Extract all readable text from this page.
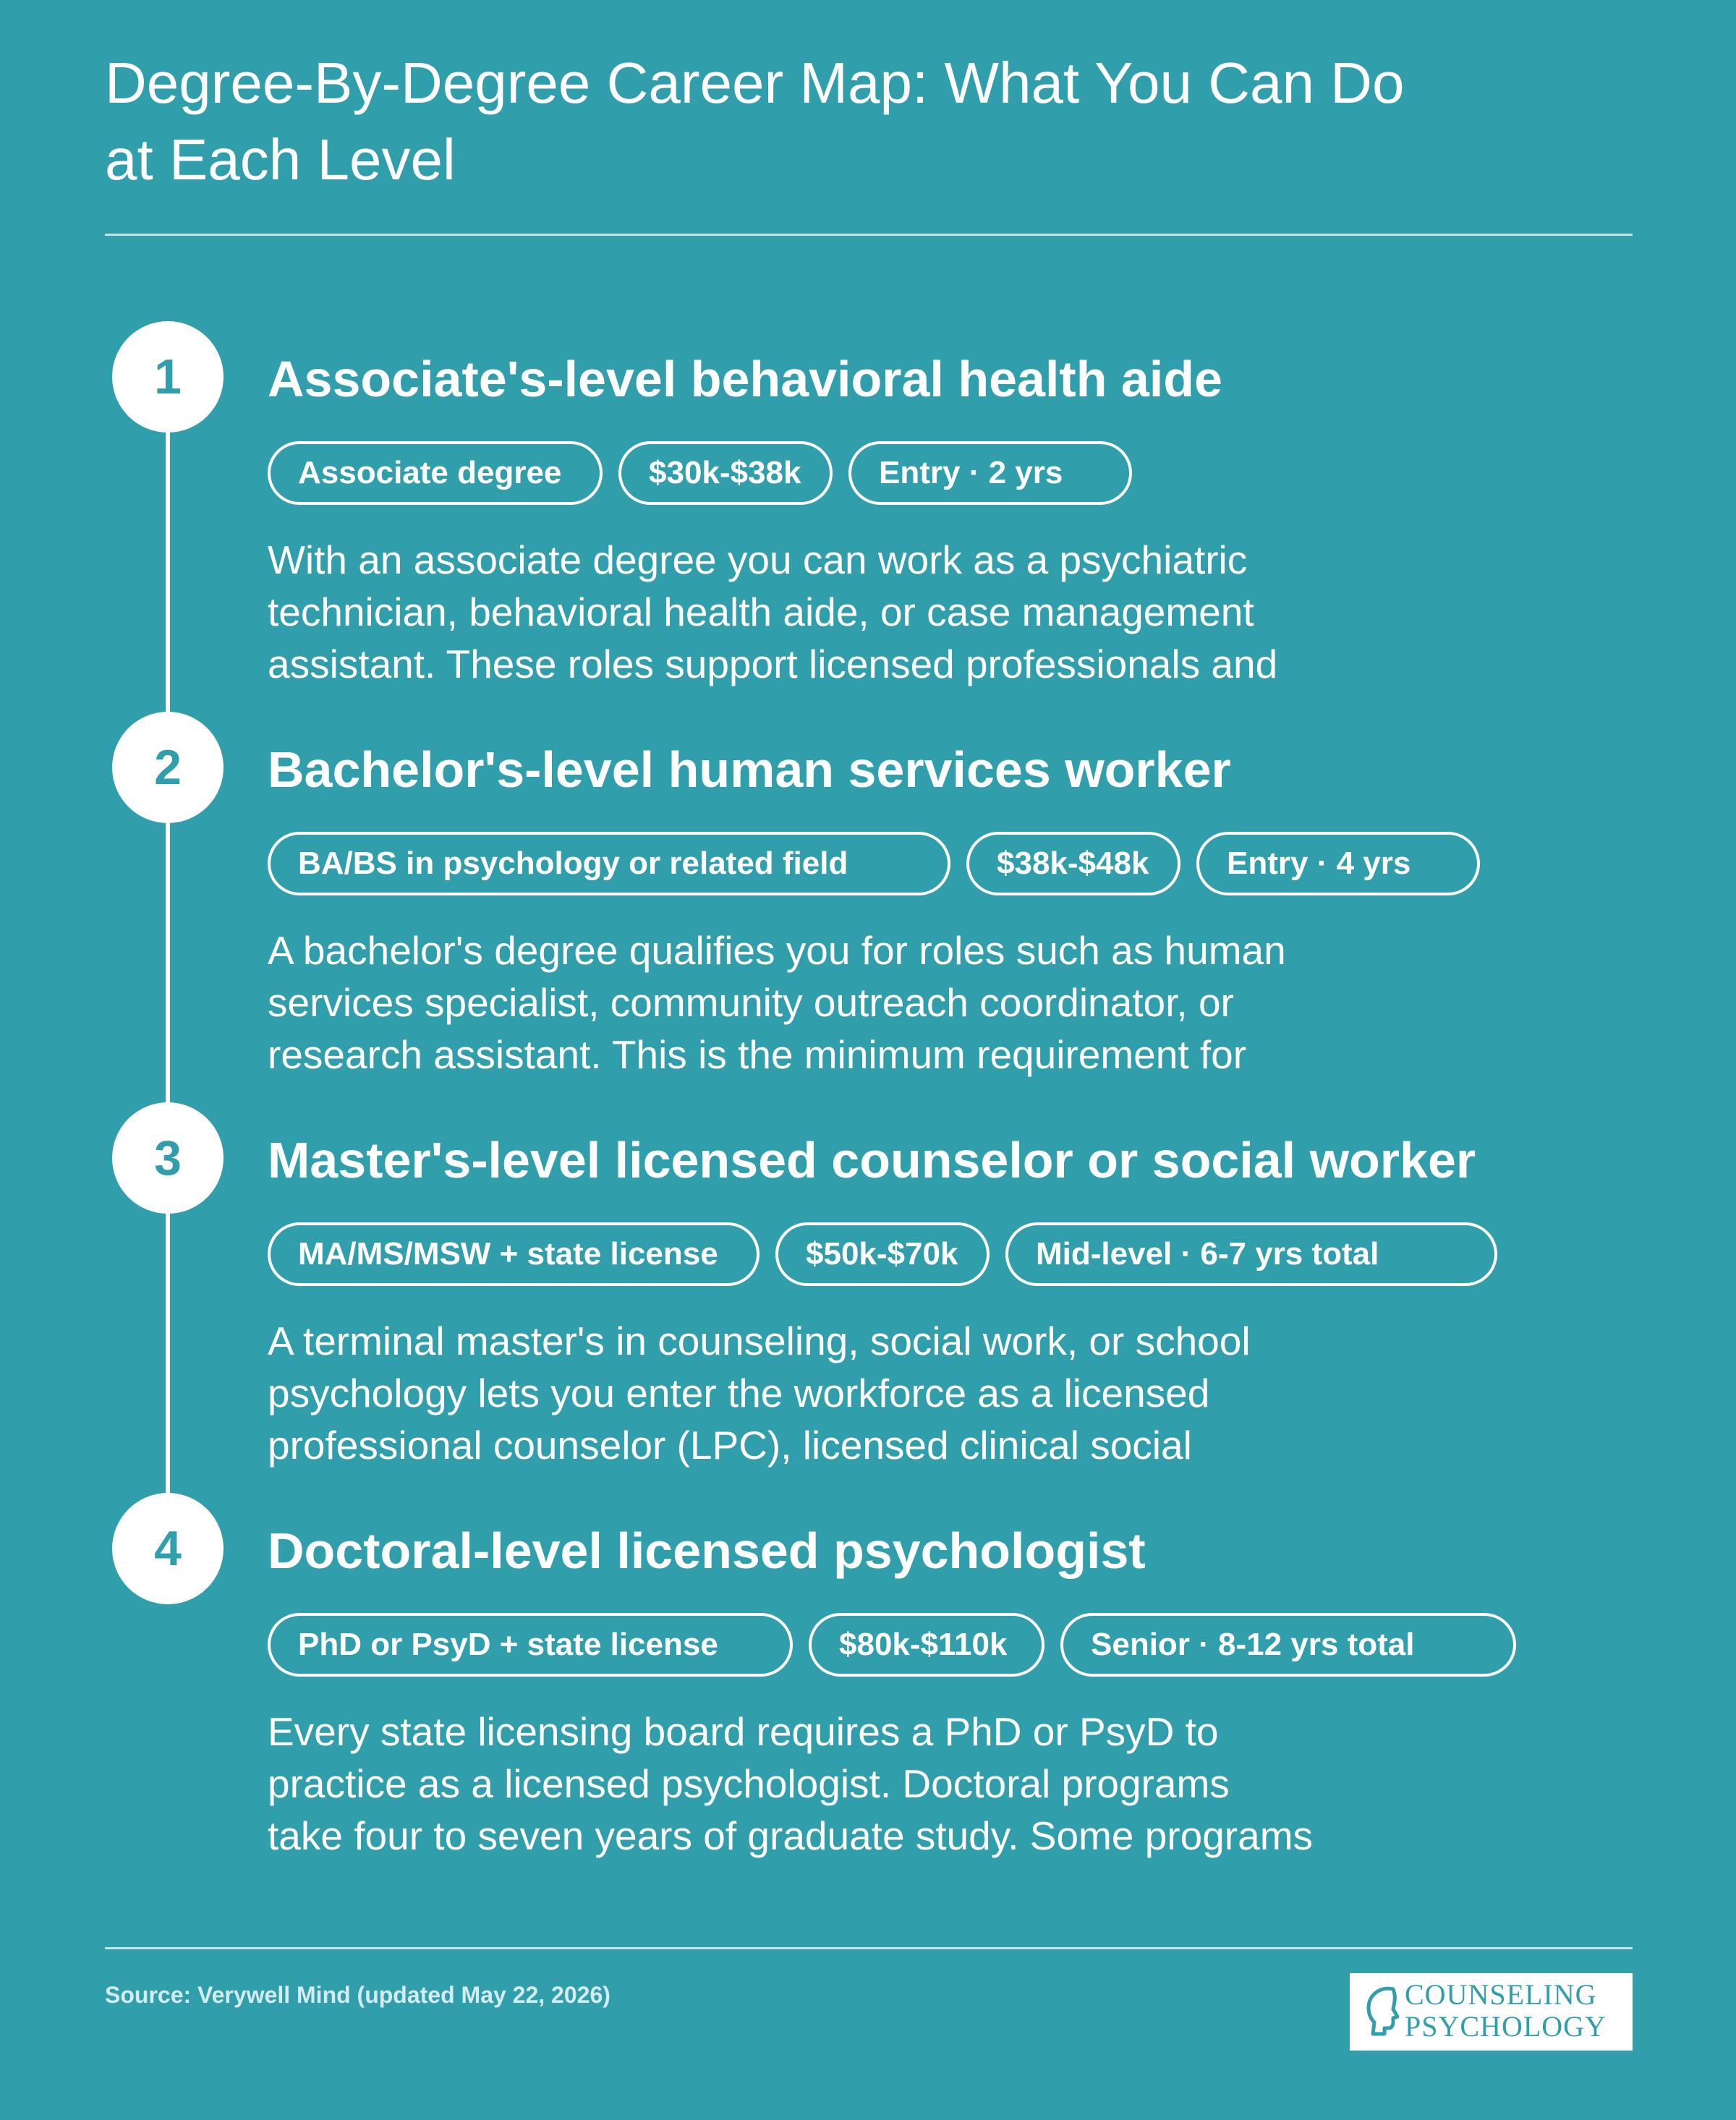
Degree-By-Degree Career Map: What You Can Do
at Each Level
1	Associate's-level behavioral health aide
Associate degree	$30k-$38k	Entry · 2 yrs

With an associate degree you can work as a psychiatric
technician, behavioral health aide, or case management
assistant. These roles support licensed professionals and

2	Bachelor's-level human services worker
BA/BS in psychology or related field	$38k-$48k	Entry · 4 yrs

A bachelor's degree qualifies you for roles such as human
services specialist, community outreach coordinator, or
research assistant. This is the minimum requirement for

3	Master's-level licensed counselor or social worker
MA/MS/MSW + state license	$50k-$70k	Mid-level · 6-7 yrs total

A terminal master's in counseling, social work, or school
psychology lets you enter the workforce as a licensed
professional counselor (LPC), licensed clinical social

4	Doctoral-level licensed psychologist
PhD or PsyD + state license	$80k-$110k	Senior · 8-12 yrs total

Every state licensing board requires a PhD or PsyD to
practice as a licensed psychologist. Doctoral programs
take four to seven years of graduate study. Some programs

Source: Verywell Mind (updated May 22, 2026)	COUNSELING
PSYCHOLOGY
